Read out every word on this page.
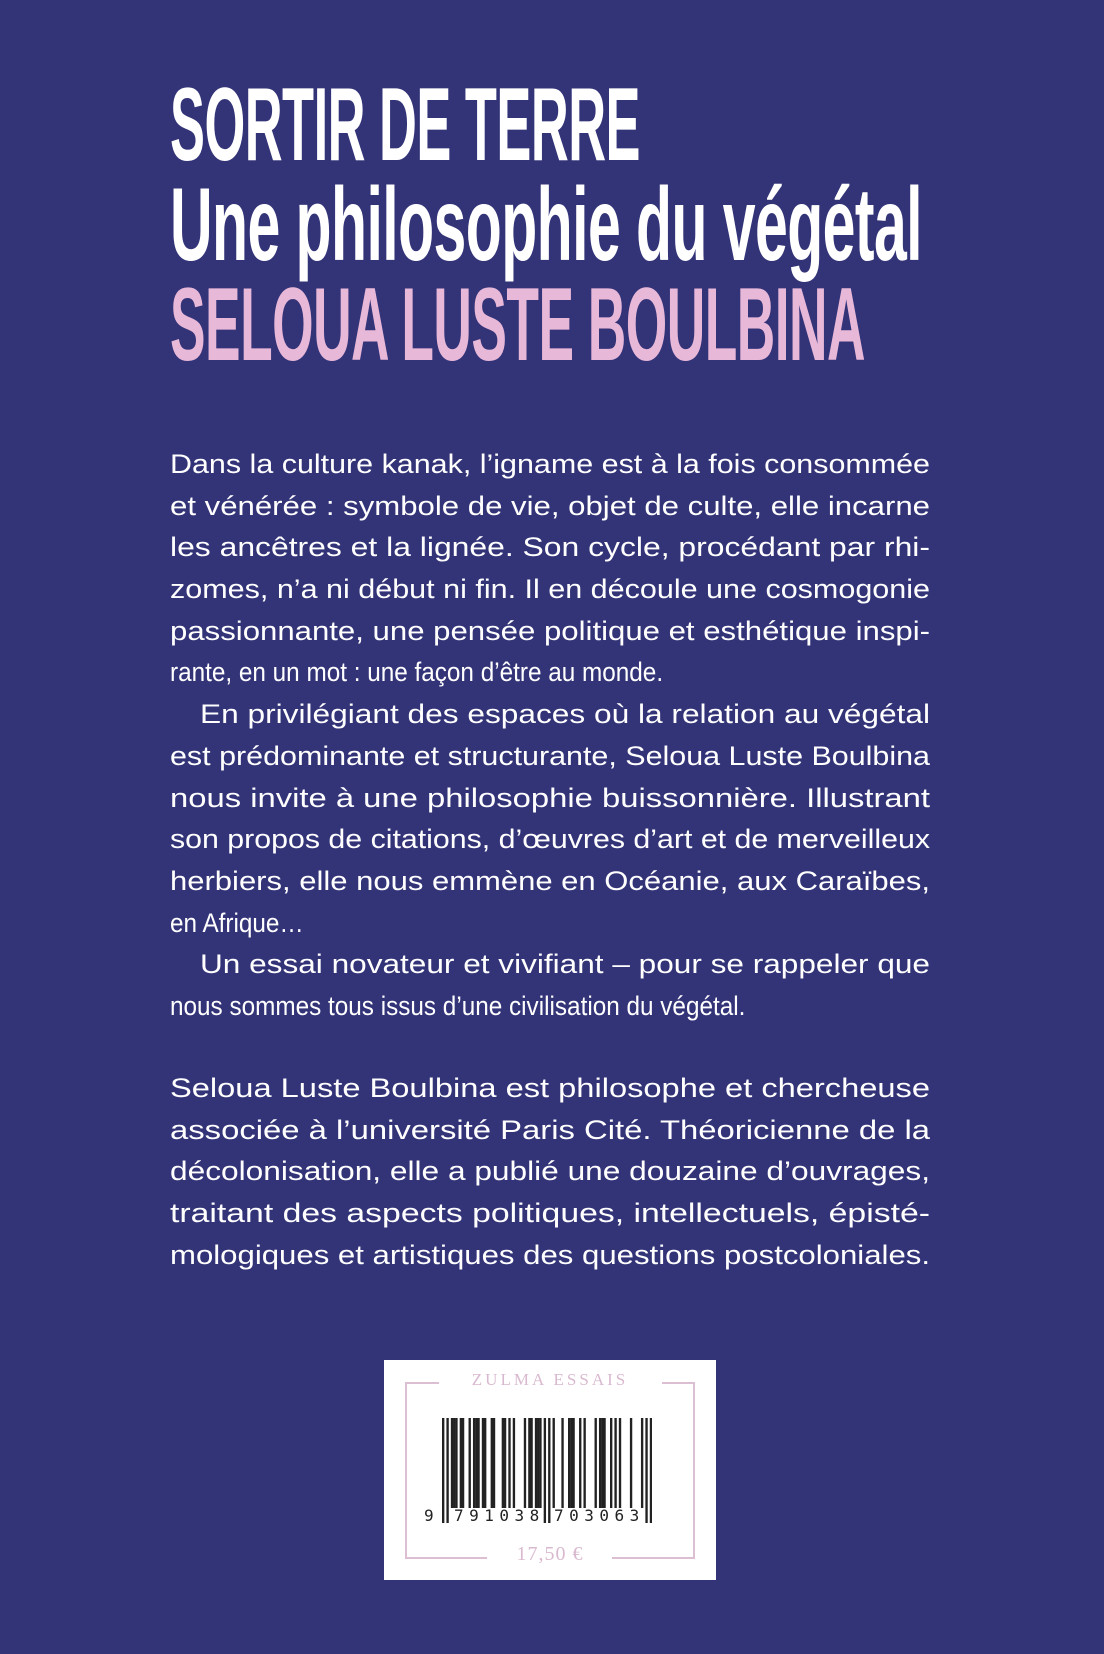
SORTIR DE TERRE
Une philosophie du végétal
SELOUA LUSTE BOULBINA
Dans la culture kanak, l’igname est à la fois consommée
et vénérée : symbole de vie, objet de culte, elle incarne
les ancêtres et la lignée. Son cycle, procédant par rhi-
zomes, n’a ni début ni fin. Il en découle une cosmogonie
passionnante, une pensée politique et esthétique inspi-
rante, en un mot : une façon d’être au monde.
En privilégiant des espaces où la relation au végétal
est prédominante et structurante, Seloua Luste Boulbina
nous invite à une philosophie buissonnière. Illustrant
son propos de citations, d’œuvres d’art et de merveilleux
herbiers, elle nous emmène en Océanie, aux Caraïbes,
en Afrique…
Un essai novateur et vivifiant – pour se rappeler que
nous sommes tous issus d’une civilisation du végétal.
Seloua Luste Boulbina est philosophe et chercheuse
associée à l’université Paris Cité. Théoricienne de la
décolonisation, elle a publié une douzaine d’ouvrages,
traitant des aspects politiques, intellectuels, épisté-
mologiques et artistiques des questions postcoloniales.
ZULMA ESSAIS
9 791038 703063
17,50 €
